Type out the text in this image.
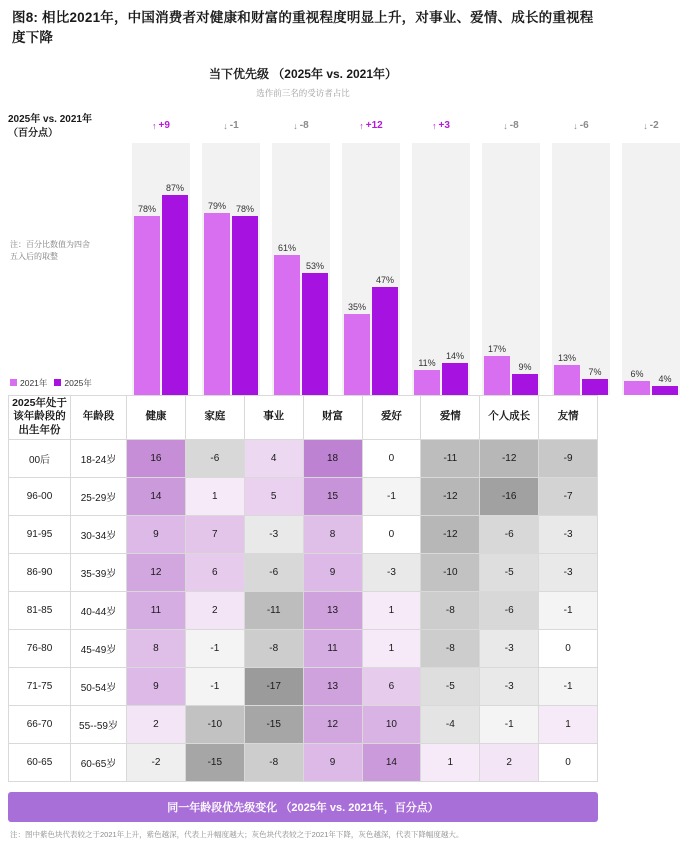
图8: 相比2021年，中国消费者对健康和财富的重视程度明显上升，对事业、爱情、成长的重视程度下降
当下优先级 （2025年 vs. 2021年）
选作前三名的受访者占比
2025年 vs. 2021年
（百分点）
注：百分比数值为四舍
五入后的取整
2021年 2025年
↑ +9
78%
87%
↓ -1
79% 78%
↓ -8
61%
53%
↑ +12
35%
47%
↑ +3
11%
14%
↓ -8
17%
9%
↓ -6
13%
7%
↓ -2
6% 4%
2025年处于
该年龄段的
出生年份	年龄段	健康	家庭	事业	财富	爱好	爱情	个人成长	友情
00后	18-24岁	16	-6	4	18	0	-11	-12	-9
96-00	25-29岁	14	1	5	15	-1	-12	-16	-7
91-95	30-34岁	9	7	-3	8	0	-12	-6	-3
86-90	35-39岁	12	6	-6	9	-3	-10	-5	-3
81-85	40-44岁	11	2	-11	13	1	-8	-6	-1
76-80	45-49岁	8	-1	-8	11	1	-8	-3	0
71-75	50-54岁	9	-1	-17	13	6	-5	-3	-1
66-70	55--59岁	2	-10	-15	12	10	-4	-1	1
60-65	60-65岁	-2	-15	-8	9	14	1	2	0
同一年龄段优先级变化 （2025年 vs. 2021年，百分点）
注：图中紫色块代表较之于2021年上升，紫色越深，代表上升幅度越大；灰色块代表较之于2021年下降，灰色越深，代表下降幅度越大。
